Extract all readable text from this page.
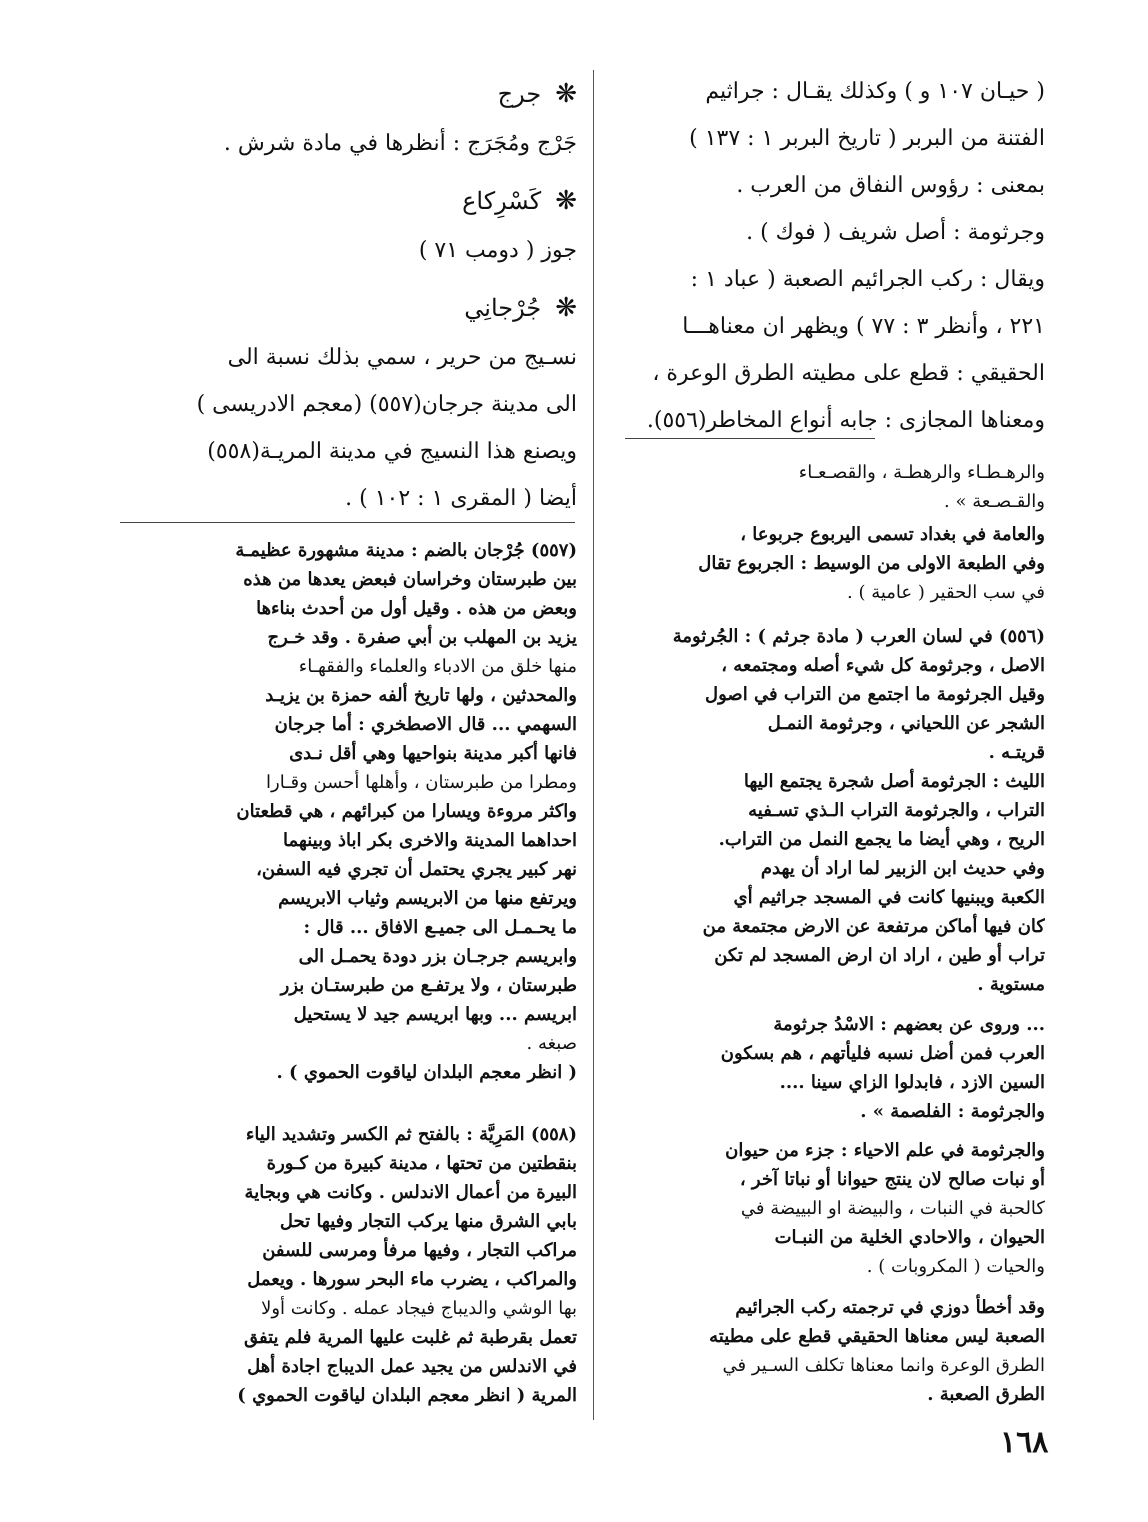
( حيـان ١٠٧ و ) وكذلك يقـال : جراثيم
الفتنة من البربر ( تاريخ البربر ١ : ١٣٧ )
بمعنى : رؤوس النفاق من العرب .
وجرثومة : أصل شريف ( فوك ) .
ويقال : ركب الجرائيم الصعبة ( عباد ١ :
٢٢١ ، وأنظر ٣ : ٧٧ ) ويظهر ان معناهـــا
الحقيقي : قطع على مطيته الطرق الوعرة ،
ومعناها المجازى : جابه أنواع المخاطر(٥٥٦).
والرهـطـاء والرهطـة ، والقصـعـاء
والقـصـعة » .
والعامة في بغداد تسمى اليربوع جربوعا ،
وفي الطبعة الاولى من الوسيط : الجربوع تقال
في سب الحقير ( عامية ) .
(٥٥٦) في لسان العرب ( مادة جرثم ) : الجُرثومة
الاصل ، وجرثومة كل شيء أصله ومجتمعه ،
وقيل الجرثومة ما اجتمع من التراب في اصول
الشجر عن اللحياني ، وجرثومة النمـل
قريتـه .
الليث : الجرثومة أصل شجرة يجتمع اليها
التراب ، والجرثومة التراب الـذي تسـفيه
الريح ، وهي أيضا ما يجمع النمل من التراب.
وفي حديث ابن الزبير لما اراد أن يهدم
الكعبة ويبنيها كانت في المسجد جراثيم أي
كان فيها أماكن مرتفعة عن الارض مجتمعة من
تراب أو طين ، اراد ان ارض المسجد لم تكن
مستوية .
... وروى عن بعضهم : الاسْدُ جرثومة
العرب فمن أضل نسبه فليأتهم ، هم بسكون
السين الازد ، فابدلوا الزاي سينا ....
والجرثومة : الفلصمة » .
والجرثومة في علم الاحياء : جزء من حيوان
أو نبات صالح لان ينتج حيوانا أو نباتا آخر ،
كالحبة في النبات ، والبيضة او البييضة في
الحيوان ، والاحادي الخلية من النبـات
والحيات ( المكروبات ) .
وقد أخطأ دوزي في ترجمته ركب الجرائيم
الصعبة ليس معناها الحقيقي قطع على مطيته
الطرق الوعرة وانما معناها تكلف السـير في
الطرق الصعبة .
❋جرج
جَرْج ومُجَرَج : أنظرها في مادة شرش .
❋كَسْرِكاع
جوز ( دومب ٧١ )
❋جُرْجانِي
نسـيج من حرير ، سمي بذلك نسبة الى
الى مدينة جرجان(٥٥٧) (معجم الادريسى )
ويصنع هذا النسيج في مدينة المريـة(٥٥٨)
أيضا ( المقرى ١ : ١٠٢ ) .
(٥٥٧) جُرْجان بالضم : مدينة مشهورة عظيمـة
بين طبرستان وخراسان فبعض يعدها من هذه
وبعض من هذه . وقيل أول من أحدث بناءها
يزيد بن المهلب بن أبي صفرة . وقد خـرج
منها خلق من الادباء والعلماء والفقهـاء
والمحدثين ، ولها تاريخ ألفه حمزة بن يزيـد
السهمي ... قال الاصطخري : أما جرجان
فانها أكبر مدينة بنواحيها وهي أقل نـدى
ومطرا من طبرستان ، وأهلها أحسن وقـارا
واكثر مروءة ويسارا من كبرائهم ، هي قطعتان
احداهما المدينة والاخرى بكر اباذ وبينهما
نهر كبير يجري يحتمل أن تجري فيه السفن،
ويرتفع منها من الابريسم وثياب الابريسم
ما يحـمـل الى جميـع الافاق ... قال :
وابريسم جرجـان بزر دودة يحمـل الى
طبرستان ، ولا يرتفـع من طبرستـان بزر
ابريسم ... وبها ابريسم جيد لا يستحيل
صبغه .
( انظر معجم البلدان لياقوت الحموي ) .
(٥٥٨) المَرِيَّة : بالفتح ثم الكسر وتشديد الياء
بنقطتين من تحتها ، مدينة كبيرة من كـورة
البيرة من أعمال الاندلس . وكانت هي وبجاية
بابي الشرق منها يركب التجار وفيها تحل
مراكب التجار ، وفيها مرفأ ومرسى للسفن
والمراكب ، يضرب ماء البحر سورها . ويعمل
بها الوشي والديباج فيجاد عمله . وكانت أولا
تعمل بقرطبة ثم غلبت عليها المرية فلم يتفق
في الاندلس من يجيد عمل الديباج اجادة أهل
المرية ( انظر معجم البلدان لياقوت الحموي )
١٦٨
